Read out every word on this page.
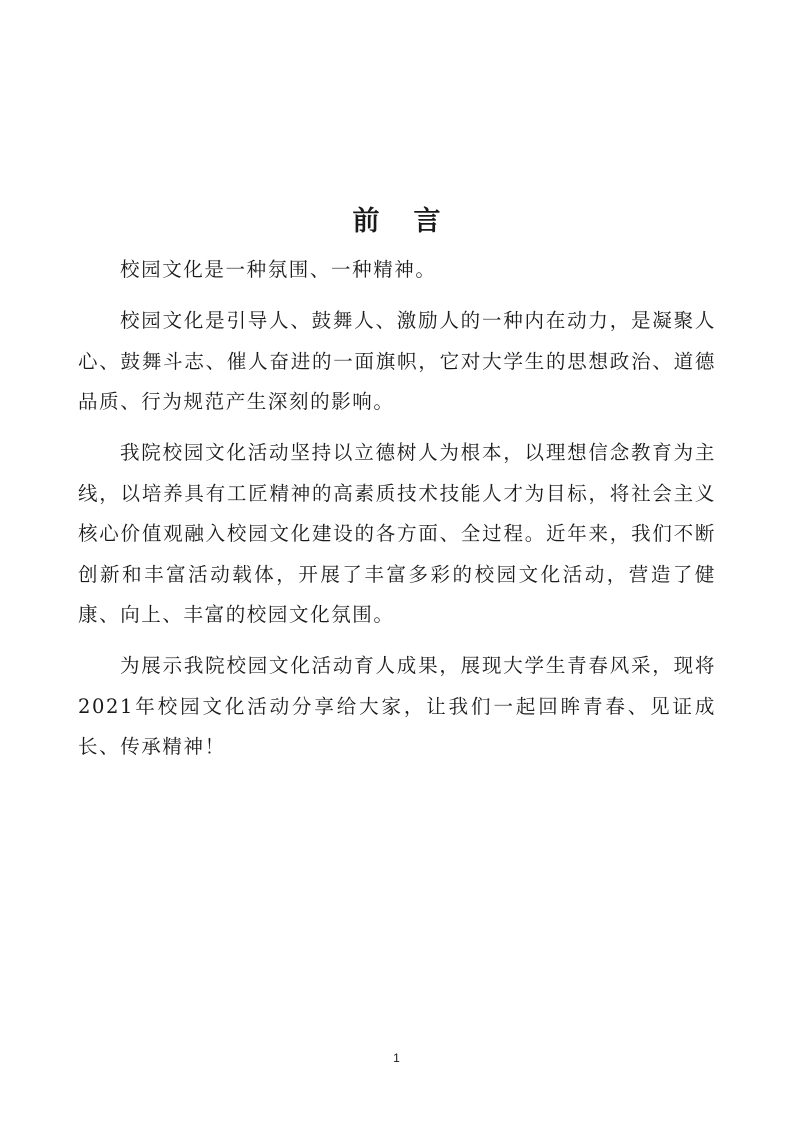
前言

校园文化是一种氛围、一种精神。

校园文化是引导人、鼓舞人、激励人的一种内在动力，是凝聚人心、鼓舞斗志、催人奋进的一面旗帜，它对大学生的思想政治、道德品质、行为规范产生深刻的影响。

我院校园文化活动坚持以立德树人为根本，以理想信念教育为主线，以培养具有工匠精神的高素质技术技能人才为目标，将社会主义核心价值观融入校园文化建设的各方面、全过程。近年来，我们不断创新和丰富活动载体，开展了丰富多彩的校园文化活动，营造了健康、向上、丰富的校园文化氛围。

为展示我院校园文化活动育人成果，展现大学生青春风采，现将2021年校园文化活动分享给大家，让我们一起回眸青春、见证成长、传承精神！

1
